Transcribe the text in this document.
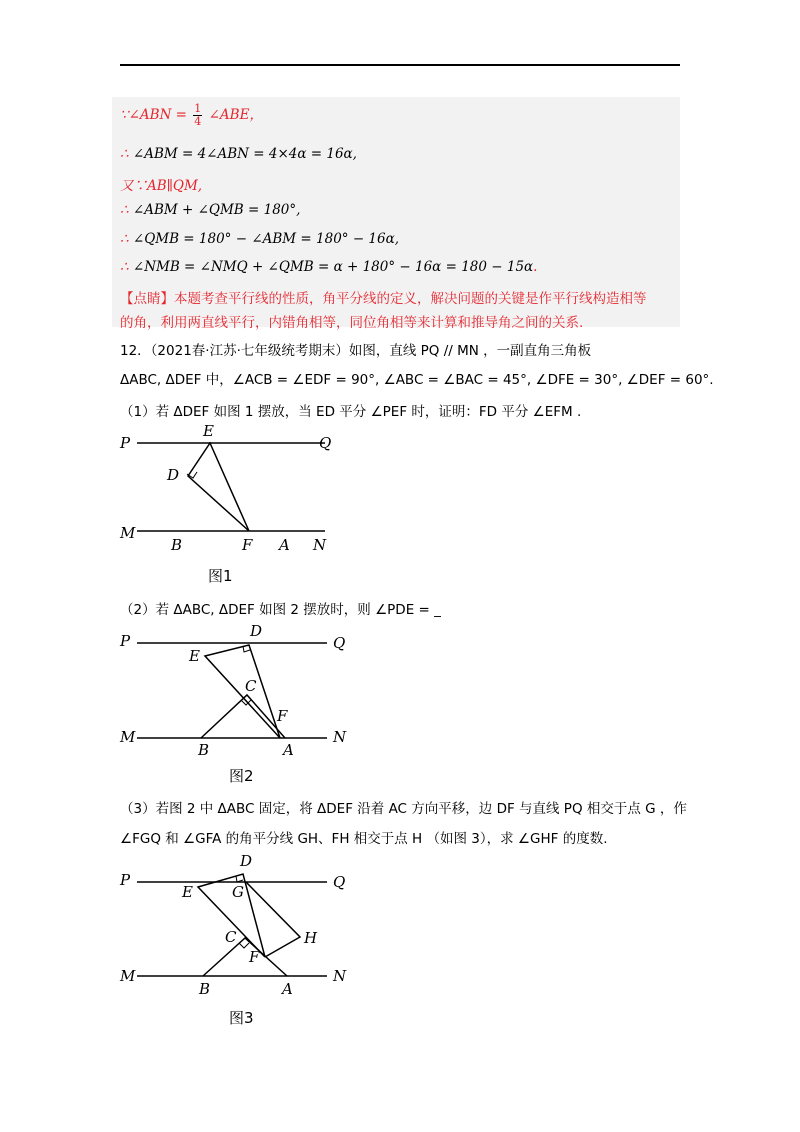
∵∠ABN = $\frac{1}{4}$ ∠ABE，
∴ ∠ABM = 4∠ABN = 4×4α = 16α,
又∵AB∥QM,
∴ ∠ABM + ∠QMB = 180°,
∴ ∠QMB = 180° − ∠ABM = 180° − 16α,
∴ ∠NMB = ∠NMQ + ∠QMB = α + 180° − 16α = 180 − 15α.
【点睛】本题考查平行线的性质，角平分线的定义，解决问题的关键是作平行线构造相等
的角，利用两直线平行，内错角相等，同位角相等来计算和推导角之间的关系.
12．（2021春·江苏·七年级统考期末）如图，直线 PQ // MN ，一副直角三角板
ΔABC, ΔDEF 中，∠ACB = ∠EDF = 90°, ∠ABC = ∠BAC = 45°, ∠DFE = 30°, ∠DEF = 60°.
（1）若 ΔDEF 如图 1 摆放，当 ED 平分 ∠PEF 时，证明：FD 平分 ∠EFM .
P	Q
E
D
M
B	F A N
图1
（2）若 ΔABC, ΔDEF 如图 2 摆放时，则 ∠PDE = _
P	Q
D
E
C
F
M
B	A
N
图2
（3）若图 2 中 ΔABC 固定，将 ΔDEF 沿着 AC 方向平移，边 DF 与直线 PQ 相交于点 G ，作
∠FGQ 和 ∠GFA 的角平分线 GH、FH 相交于点 H （如图 3），求 ∠GHF 的度数.
D
P
E	G
Q
C	H
F
M
B	A
N
图3
